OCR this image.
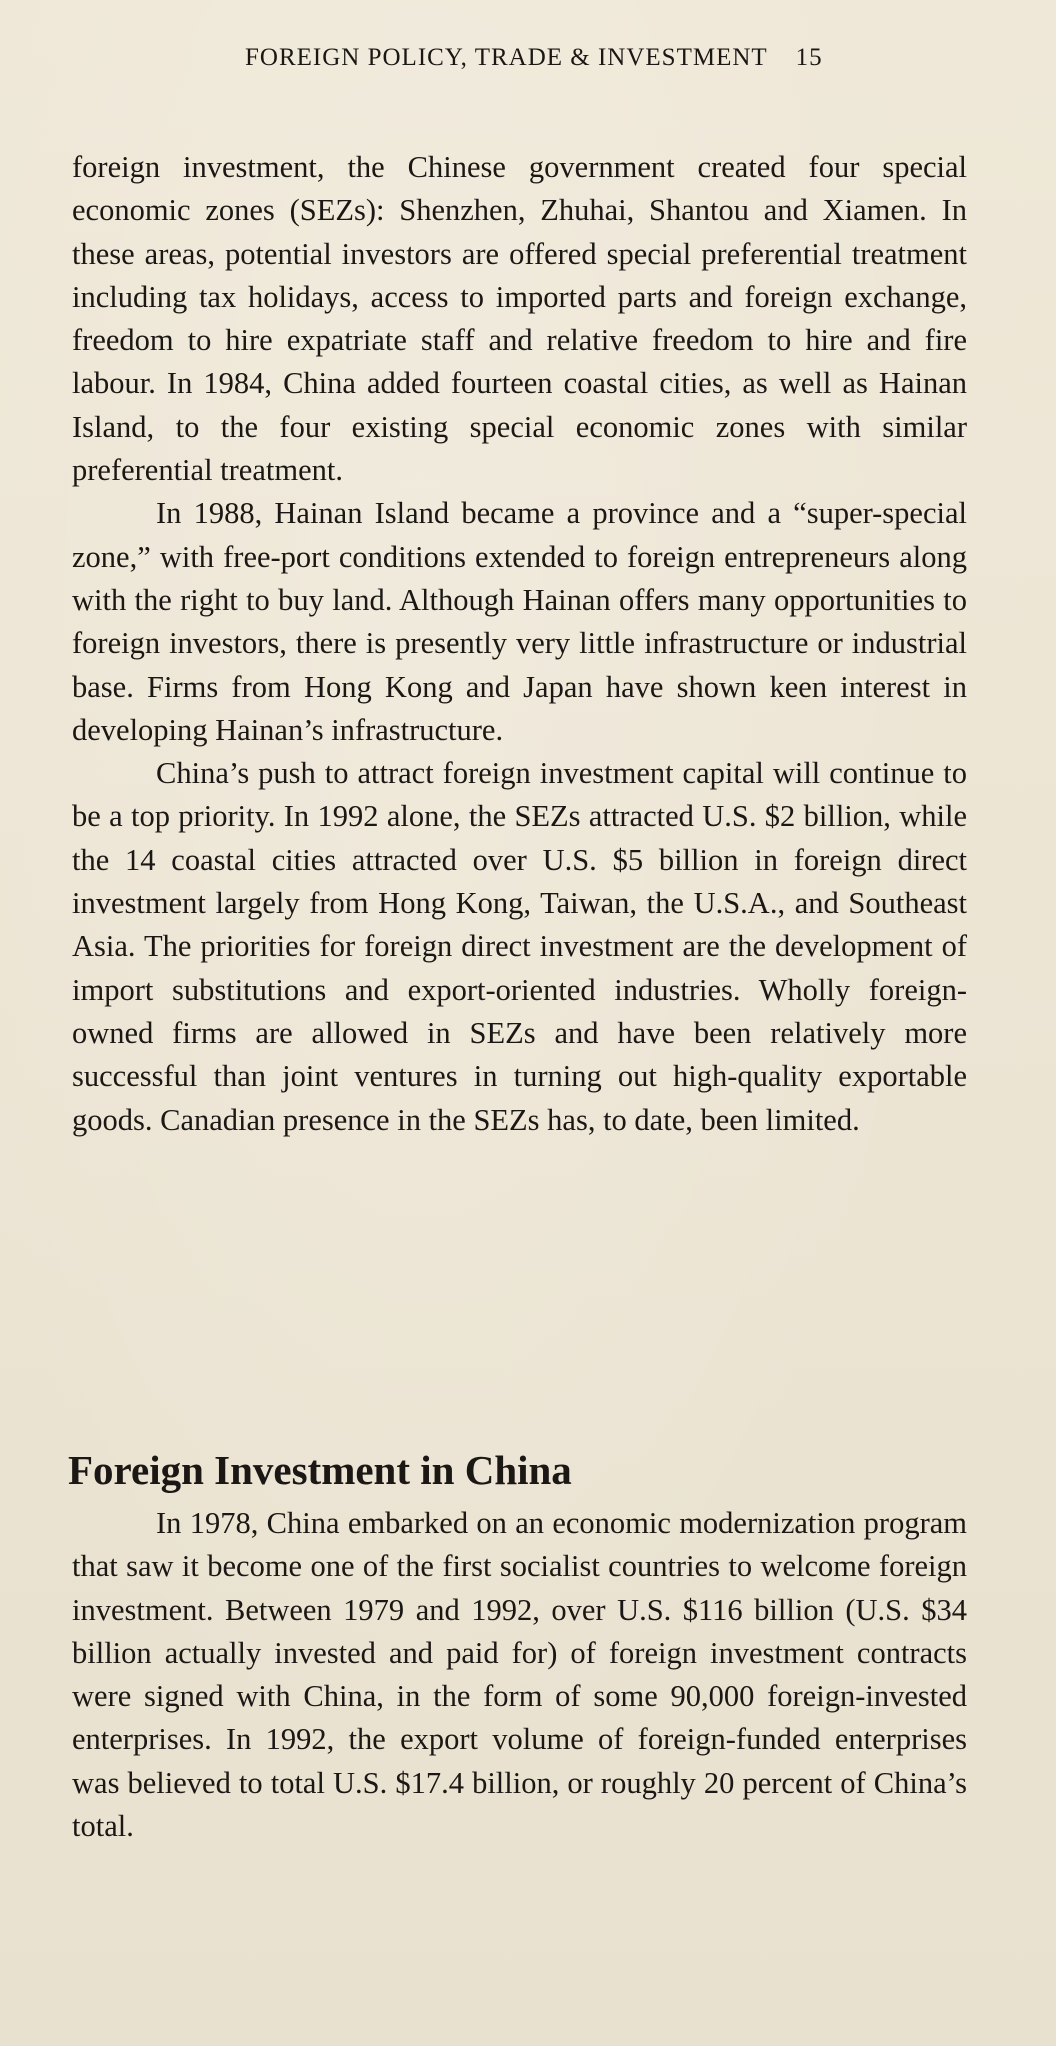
FOREIGN POLICY, TRADE & INVESTMENT 15

foreign investment, the Chinese government created four special economic zones (SEZs): Shenzhen, Zhuhai, Shantou and Xiamen. In these areas, potential investors are offered special preferential treatment including tax holidays, access to imported parts and foreign exchange, freedom to hire expatriate staff and relative freedom to hire and fire labour. In 1984, China added fourteen coastal cities, as well as Hainan Island, to the four existing special economic zones with similar preferential treatment.

In 1988, Hainan Island became a province and a “super-special zone,” with free-port conditions extended to foreign entrepreneurs along with the right to buy land. Although Hainan offers many opportunities to foreign investors, there is presently very little infrastructure or industrial base. Firms from Hong Kong and Japan have shown keen interest in developing Hainan’s infrastructure.

China’s push to attract foreign investment capital will continue to be a top priority. In 1992 alone, the SEZs attracted U.S. $2 billion, while the 14 coastal cities attracted over U.S. $5 billion in foreign direct investment largely from Hong Kong, Taiwan, the U.S.A., and Southeast Asia. The priorities for foreign direct investment are the development of import substitutions and export-oriented industries. Wholly foreign-owned firms are allowed in SEZs and have been relatively more successful than joint ventures in turning out high-quality exportable goods. Canadian presence in the SEZs has, to date, been limited.

Foreign Investment in China

In 1978, China embarked on an economic modernization program that saw it become one of the first socialist countries to welcome foreign investment. Between 1979 and 1992, over U.S. $116 billion (U.S. $34 billion actually invested and paid for) of foreign investment contracts were signed with China, in the form of some 90,000 foreign-invested enterprises. In 1992, the export volume of foreign-funded enterprises was believed to total U.S. $17.4 billion, or roughly 20 percent of China’s total.
